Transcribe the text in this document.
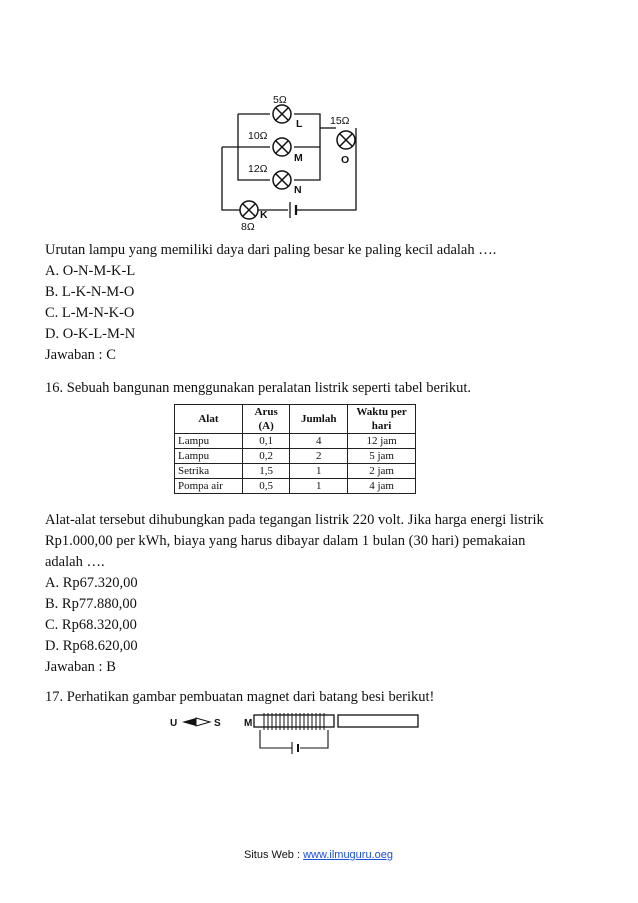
5Ω
L
10Ω
15Ω
M	O
12Ω
N
K
8Ω
Urutan lampu yang memiliki daya dari paling besar ke paling kecil adalah ….
A. O-N-M-K-L
B. L-K-N-M-O
C. L-M-N-K-O
D. O-K-L-M-N
Jawaban : C
16. Sebuah bangunan menggunakan peralatan listrik seperti tabel berikut.
Alat	Arus (A)	Jumlah	Waktu per hari
Lampu	0,1	4	12 jam
Lampu	0,2	2	5 jam
Setrika	1,5	1	2 jam
Pompa air	0,5	1	4 jam
Alat-alat tersebut dihubungkan pada tegangan listrik 220 volt. Jika harga energi listrik
Rp1.000,00 per kWh, biaya yang harus dibayar dalam 1 bulan (30 hari) pemakaian
adalah ….
A. Rp67.320,00
B. Rp77.880,00
C. Rp68.320,00
D. Rp68.620,00
Jawaban : B
17. Perhatikan gambar pembuatan magnet dari batang besi berikut!
U	S M
Situs Web : www.ilmuguru.oeg
